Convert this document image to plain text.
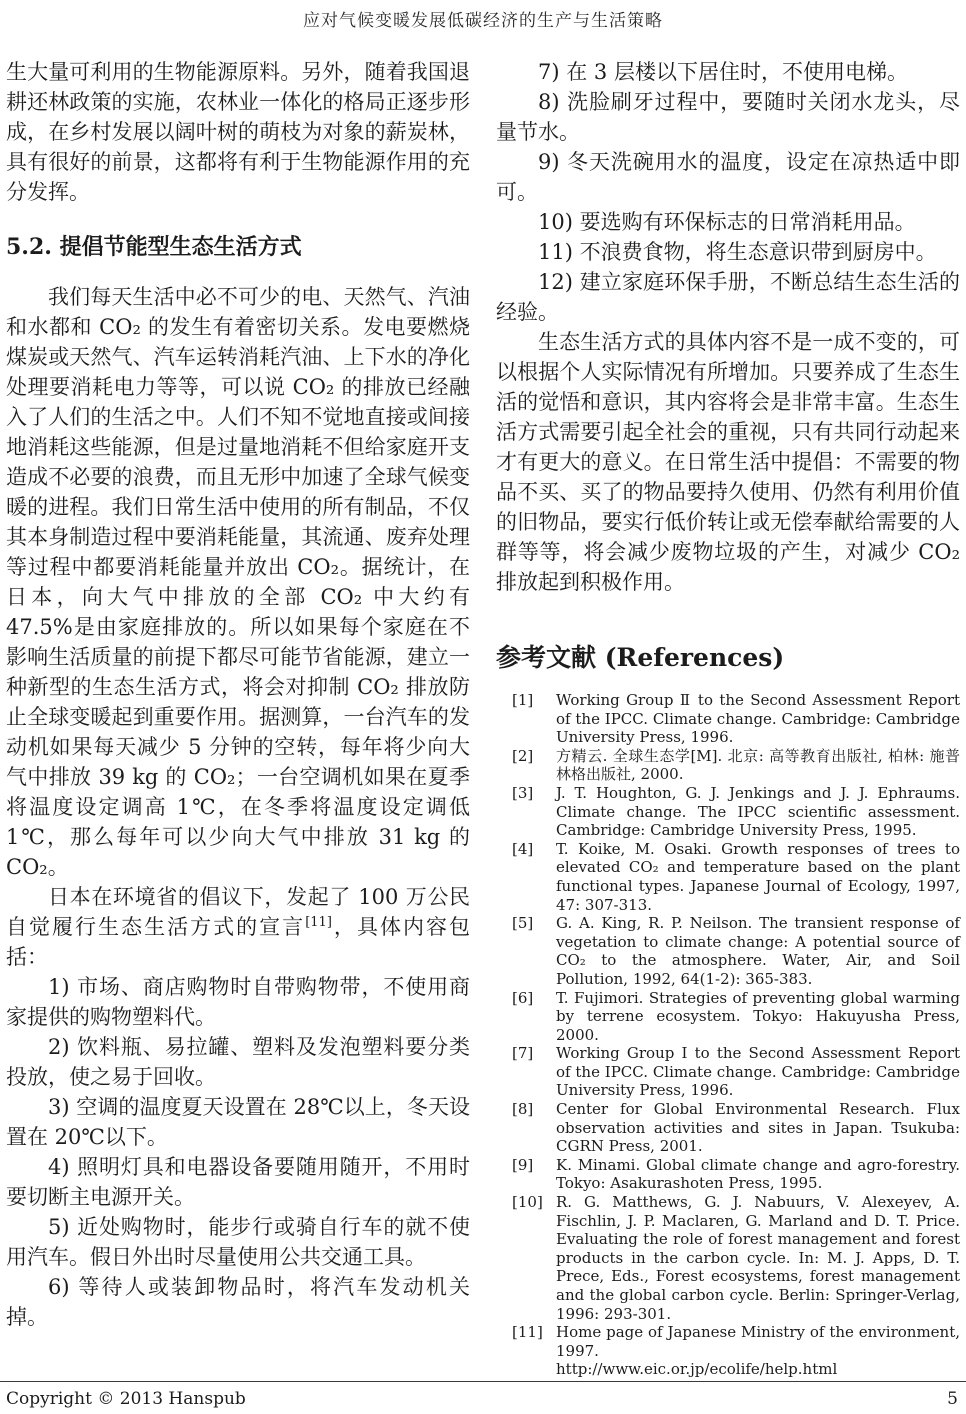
应对气候变暖发展低碳经济的生产与生活策略

生大量可利用的生物能源原料。另外，随着我国退耕还林政策的实施，农林业一体化的格局正逐步形成，在乡村发展以阔叶树的萌枝为对象的薪炭林，具有很好的前景，这都将有利于生物能源作用的充分发挥。

5.2. 提倡节能型生态生活方式

我们每天生活中必不可少的电、天然气、汽油和水都和 CO₂ 的发生有着密切关系。发电要燃烧煤炭或天然气、汽车运转消耗汽油、上下水的净化处理要消耗电力等等，可以说 CO₂ 的排放已经融入了人们的生活之中。人们不知不觉地直接或间接地消耗这些能源，但是过量地消耗不但给家庭开支造成不必要的浪费，而且无形中加速了全球气候变暖的进程。我们日常生活中使用的所有制品，不仅其本身制造过程中要消耗能量，其流通、废弃处理等过程中都要消耗能量并放出 CO₂。据统计，在日本，向大气中排放的全部 CO₂ 中大约有 47.5%是由家庭排放的。所以如果每个家庭在不影响生活质量的前提下都尽可能节省能源，建立一种新型的生态生活方式，将会对抑制 CO₂ 排放防止全球变暖起到重要作用。据测算，一台汽车的发动机如果每天减少 5 分钟的空转，每年将少向大气中排放 39 kg 的 CO₂；一台空调机如果在夏季将温度设定调高 1℃，在冬季将温度设定调低 1℃，那么每年可以少向大气中排放 31 kg 的 CO₂。

日本在环境省的倡议下，发起了 100 万公民自觉履行生态生活方式的宣言[11]，具体内容包括：

1) 市场、商店购物时自带购物带，不使用商家提供的购物塑料代。

2) 饮料瓶、易拉罐、塑料及发泡塑料要分类投放，使之易于回收。

3) 空调的温度夏天设置在 28℃以上，冬天设置在 20℃以下。

4) 照明灯具和电器设备要随用随开，不用时要切断主电源开关。

5) 近处购物时，能步行或骑自行车的就不使用汽车。假日外出时尽量使用公共交通工具。

6) 等待人或装卸物品时，将汽车发动机关掉。

7) 在 3 层楼以下居住时，不使用电梯。

8) 洗脸刷牙过程中，要随时关闭水龙头，尽量节水。

9) 冬天洗碗用水的温度，设定在凉热适中即可。

10) 要选购有环保标志的日常消耗用品。

11) 不浪费食物，将生态意识带到厨房中。

12) 建立家庭环保手册，不断总结生态生活的经验。

生态生活方式的具体内容不是一成不变的，可以根据个人实际情况有所增加。只要养成了生态生活的觉悟和意识，其内容将会是非常丰富。生态生活方式需要引起全社会的重视，只有共同行动起来才有更大的意义。在日常生活中提倡：不需要的物品不买、买了的物品要持久使用、仍然有利用价值的旧物品，要实行低价转让或无偿奉献给需要的人群等等，将会减少废物垃圾的产生，对减少 CO₂ 排放起到积极作用。

参考文献 (References)
[1]	Working Group Ⅱ to the Second Assessment Report of the IPCC. Climate change. Cambridge: Cambridge University Press, 1996.
[2]	方精云. 全球生态学[M]. 北京: 高等教育出版社, 柏林: 施普林格出版社, 2000.
[3]	J. T. Houghton, G. J. Jenkings and J. J. Ephraums. Climate change. The IPCC scientific assessment. Cambridge: Cambridge University Press, 1995.
[4]	T. Koike, M. Osaki. Growth responses of trees to elevated CO₂ and temperature based on the plant functional types. Japanese Journal of Ecology, 1997, 47: 307-313.
[5]	G. A. King, R. P. Neilson. The transient response of vegetation to climate change: A potential source of CO₂ to the atmosphere. Water, Air, and Soil Pollution, 1992, 64(1-2): 365-383.
[6]	T. Fujimori. Strategies of preventing global warming by terrene ecosystem. Tokyo: Hakuyusha Press, 2000.
[7]	Working Group I to the Second Assessment Report of the IPCC. Climate change. Cambridge: Cambridge University Press, 1996.
[8]	Center for Global Environmental Research. Flux observation activities and sites in Japan. Tsukuba: CGRN Press, 2001.
[9]	K. Minami. Global climate change and agro-forestry. Tokyo: Asakurashoten Press, 1995.
[10] R. G. Matthews, G. J. Nabuurs, V. Alexeyev, A. Fischlin, J. P. Maclaren, G. Marland and D. T. Price. Evaluating the role of forest management and forest products in the carbon cycle. In: M. J. Apps, D. T. Prece, Eds., Forest ecosystems, forest management and the global carbon cycle. Berlin: Springer-Verlag, 1996: 293-301.
[11] Home page of Japanese Ministry of the environment, 1997.
http://www.eic.or.jp/ecolife/help.html
Copyright © 2013 Hanspub	5
